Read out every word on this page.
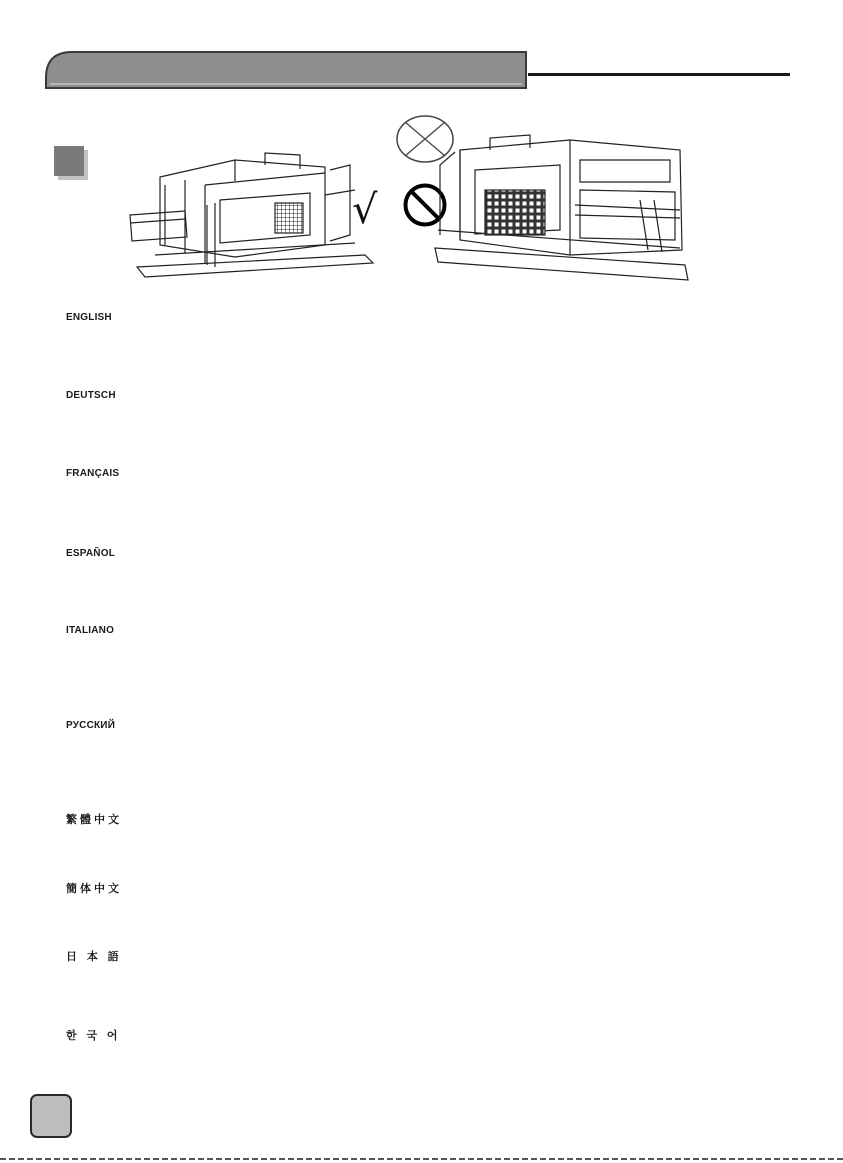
√
ENGLISH
DEUTSCH
FRANÇAIS
ESPAÑOL
ITALIANO
РУССКИЙ
繁體中文
簡体中文
日 本 語
한 국 어
